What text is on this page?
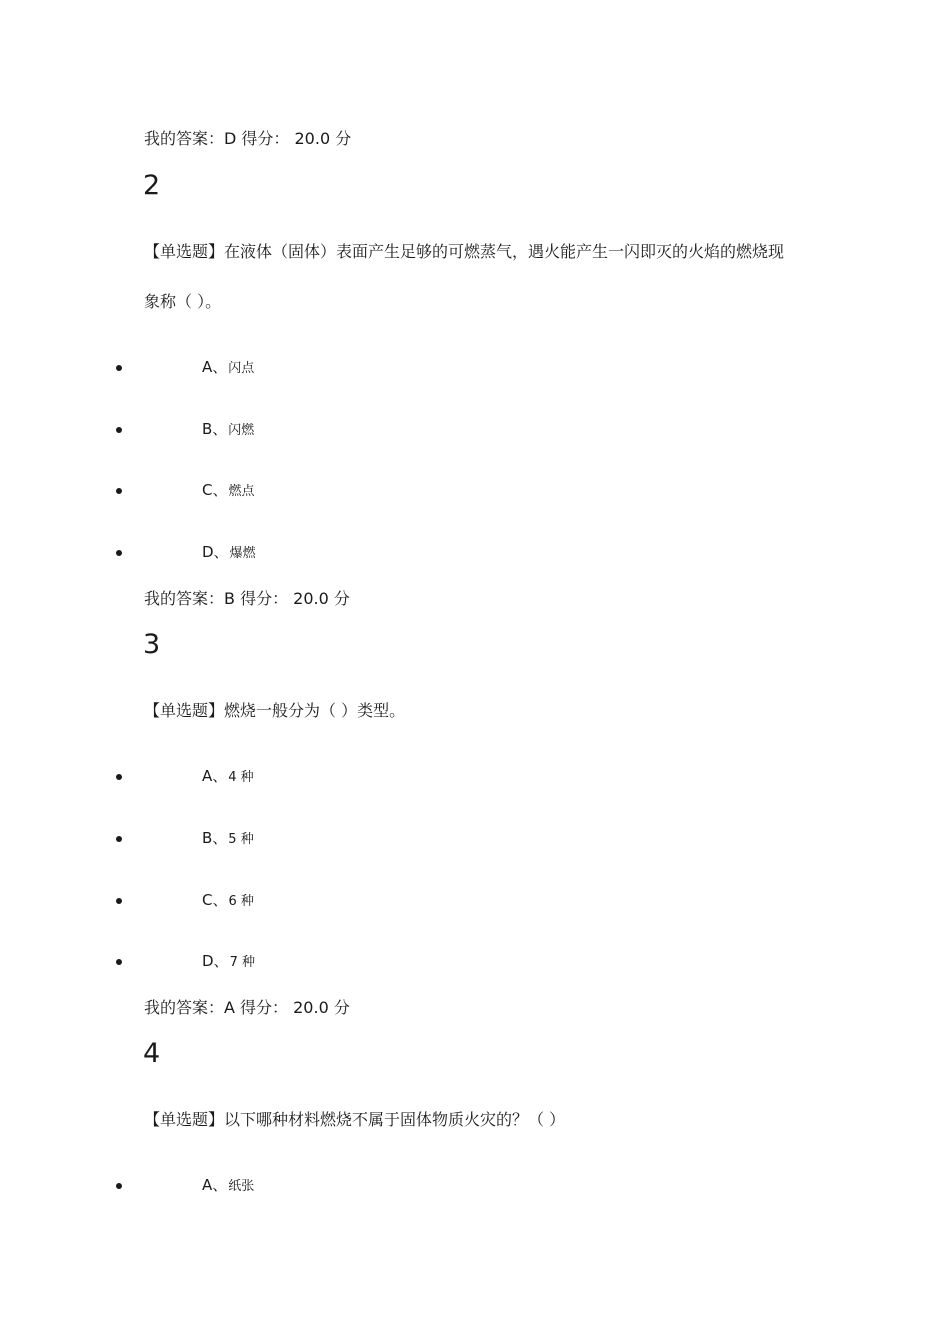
我的答案：D 得分： 20.0 分
2
【单选题】在液体（固体）表面产生足够的可燃蒸气，遇火能产生一闪即灭的火焰的燃烧现
象称（ ）。
A、闪点
B、闪燃
C、燃点
D、爆燃
我的答案：B 得分： 20.0 分
3
【单选题】燃烧一般分为（ ）类型。
A、4 种
B、5 种
C、6 种
D、7 种
我的答案：A 得分： 20.0 分
4
【单选题】以下哪种材料燃烧不属于固体物质火灾的？（ ）
A、纸张
